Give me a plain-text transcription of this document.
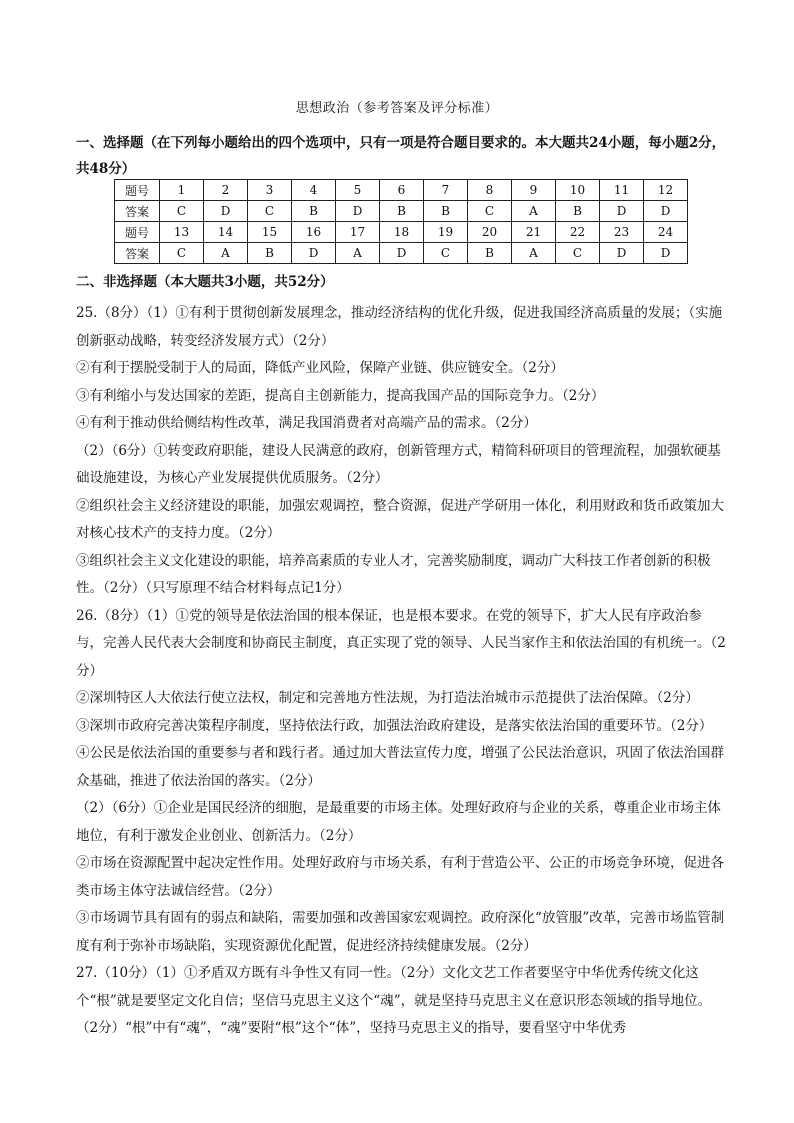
思想政治（参考答案及评分标准）
一、选择题（在下列每小题给出的四个选项中，只有一项是符合题目要求的。本大题共24小题，每小题2分，共48分）
题号	1	2	3	4	5	6	7	8	9	10	11	12
答案	C	D	C	B	D	B	B	C	A	B	D	D
题号	13	14	15	16	17	18	19	20	21	22	23	24
答案	C	A	B	D	A	D	C	B	A	C	D	D
二、非选择题（本大题共3小题，共52分）

25.（8分）（1）①有利于贯彻创新发展理念，推动经济结构的优化升级，促进我国经济高质量的发展；（实施创新驱动战略，转变经济发展方式）（2分）

②有利于摆脱受制于人的局面，降低产业风险，保障产业链、供应链安全。（2分）

③有利缩小与发达国家的差距，提高自主创新能力，提高我国产品的国际竞争力。（2分）

④有利于推动供给侧结构性改革，满足我国消费者对高端产品的需求。（2分）

（2）（6分）①转变政府职能，建设人民满意的政府，创新管理方式，精简科研项目的管理流程，加强软硬基础设施建设，为核心产业发展提供优质服务。（2分）

②组织社会主义经济建设的职能，加强宏观调控，整合资源，促进产学研用一体化，利用财政和货币政策加大对核心技术产的支持力度。（2分）

③组织社会主义文化建设的职能，培养高素质的专业人才，完善奖励制度，调动广大科技工作者创新的积极性。（2分）（只写原理不结合材料每点记1分）

26.（8分）（1）①党的领导是依法治国的根本保证，也是根本要求。在党的领导下，扩大人民有序政治参与，完善人民代表大会制度和协商民主制度，真正实现了党的领导、人民当家作主和依法治国的有机统一。（2分）

②深圳特区人大依法行使立法权，制定和完善地方性法规，为打造法治城市示范提供了法治保障。（2分）

③深圳市政府完善决策程序制度，坚持依法行政，加强法治政府建设，是落实依法治国的重要环节。（2分）

④公民是依法治国的重要参与者和践行者。通过加大普法宣传力度，增强了公民法治意识，巩固了依法治国群众基础，推进了依法治国的落实。（2分）

（2）（6分）①企业是国民经济的细胞，是最重要的市场主体。处理好政府与企业的关系，尊重企业市场主体地位，有利于激发企业创业、创新活力。（2分）

②市场在资源配置中起决定性作用。处理好政府与市场关系，有利于营造公平、公正的市场竞争环境，促进各类市场主体守法诚信经营。（2分）

③市场调节具有固有的弱点和缺陷，需要加强和改善国家宏观调控。政府深化“放管服”改革，完善市场监管制度有利于弥补市场缺陷，实现资源优化配置，促进经济持续健康发展。（2分）

27.（10分）（1）①矛盾双方既有斗争性又有同一性。（2分）文化文艺工作者要坚守中华优秀传统文化这个“根”就是要坚定文化自信；坚信马克思主义这个“魂”，就是坚持马克思主义在意识形态领域的指导地位。（2分）“根”中有“魂”，“魂”要附“根”这个“体”，坚持马克思主义的指导，要看坚守中华优秀
